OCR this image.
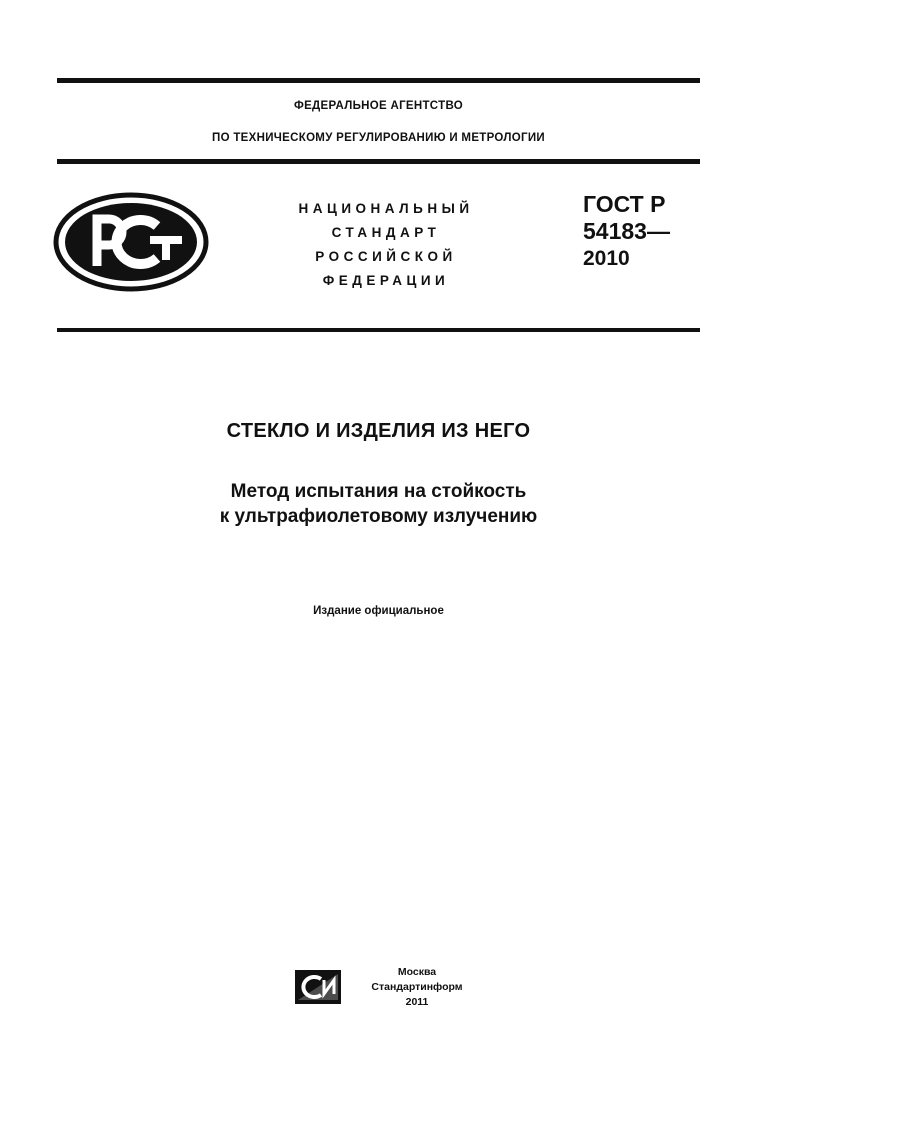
ФЕДЕРАЛЬНОЕ АГЕНТСТВО
ПО ТЕХНИЧЕСКОМУ РЕГУЛИРОВАНИЮ И МЕТРОЛОГИИ
НАЦИОНАЛЬНЫЙ
СТАНДАРТ
РОССИЙСКОЙ
ФЕДЕРАЦИИ
ГОСТ Р
54183—
2010
СТЕКЛО И ИЗДЕЛИЯ ИЗ НЕГО
Метод испытания на стойкость
к ультрафиолетовому излучению
Издание официальное
Москва
Стандартинформ
2011
